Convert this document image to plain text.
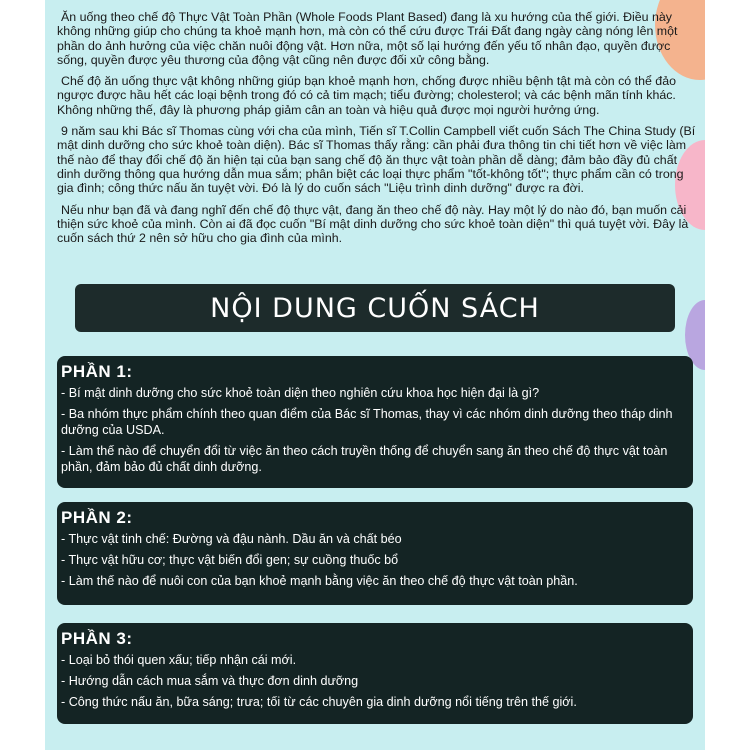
Ăn uống theo chế độ Thực Vật Toàn Phần (Whole Foods Plant Based) đang là xu hướng của thế giới. Điều này không những giúp cho chúng ta khoẻ mạnh hơn, mà còn có thể cứu được Trái Đất đang ngày càng nóng lên một phần do ảnh hưởng của việc chăn nuôi động vật. Hơn nữa, một số lại hướng đến yếu tố nhân đạo, quyền được sống, quyền được yêu thương của động vật cũng nên được đối xử công bằng.

Chế độ ăn uống thực vật không những giúp bạn khoẻ mạnh hơn, chống được nhiều bệnh tật mà còn có thể đảo ngược được hầu hết các loại bệnh trong đó có cả tim mạch; tiểu đường; cholesterol; và các bệnh mãn tính khác. Không những thế, đây là phương pháp giảm cân an toàn và hiệu quả được mọi người hưởng ứng.

9 năm sau khi Bác sĩ Thomas cùng với cha của mình, Tiến sĩ T.Collin Campbell viết cuốn Sách The China Study (Bí mật dinh dưỡng cho sức khoẻ toàn diện). Bác sĩ Thomas thấy rằng: cần phải đưa thông tin chi tiết hơn về việc làm thế nào để thay đổi chế độ ăn hiện tại của bạn sang chế độ ăn thực vật toàn phần dễ dàng; đảm bảo đầy đủ chất dinh dưỡng thông qua hướng dẫn mua sắm; phân biệt các loại thực phẩm "tốt-không tốt"; thực phẩm cần có trong gia đình; công thức nấu ăn tuyệt vời. Đó là lý do cuốn sách "Liệu trình dinh dưỡng" được ra đời.

Nếu như bạn đã và đang nghĩ đến chế độ thực vật, đang ăn theo chế độ này. Hay một lý do nào đó, bạn muốn cải thiện sức khoẻ của mình. Còn ai đã đọc cuốn "Bí mật dinh dưỡng cho sức khoẻ toàn diện" thì quá tuyệt vời. Đây là cuốn sách thứ 2 nên sở hữu cho gia đình của mình.

NỘI DUNG CUỐN SÁCH
PHẦN 1:
- Bí mật dinh dưỡng cho sức khoẻ toàn diện theo nghiên cứu khoa học hiện đại là gì?
- Ba nhóm thực phẩm chính theo quan điểm của Bác sĩ Thomas, thay vì các nhóm dinh dưỡng theo tháp dinh dưỡng của USDA.
- Làm thế nào để chuyển đổi từ việc ăn theo cách truyền thống để chuyển sang ăn theo chế độ thực vật toàn phần, đảm bảo đủ chất dinh dưỡng.
PHẦN 2:
- Thực vật tinh chế: Đường và đậu nành. Dầu ăn và chất béo
- Thực vật hữu cơ; thực vật biến đổi gen; sự cuồng thuốc bổ
- Làm thế nào để nuôi con của bạn khoẻ mạnh bằng việc ăn theo chế độ thực vật toàn phần.
PHẦN 3:
- Loại bỏ thói quen xấu; tiếp nhận cái mới.
- Hướng dẫn cách mua sắm và thực đơn dinh dưỡng
- Công thức nấu ăn, bữa sáng; trưa; tối từ các chuyên gia dinh dưỡng nổi tiếng trên thế giới.
